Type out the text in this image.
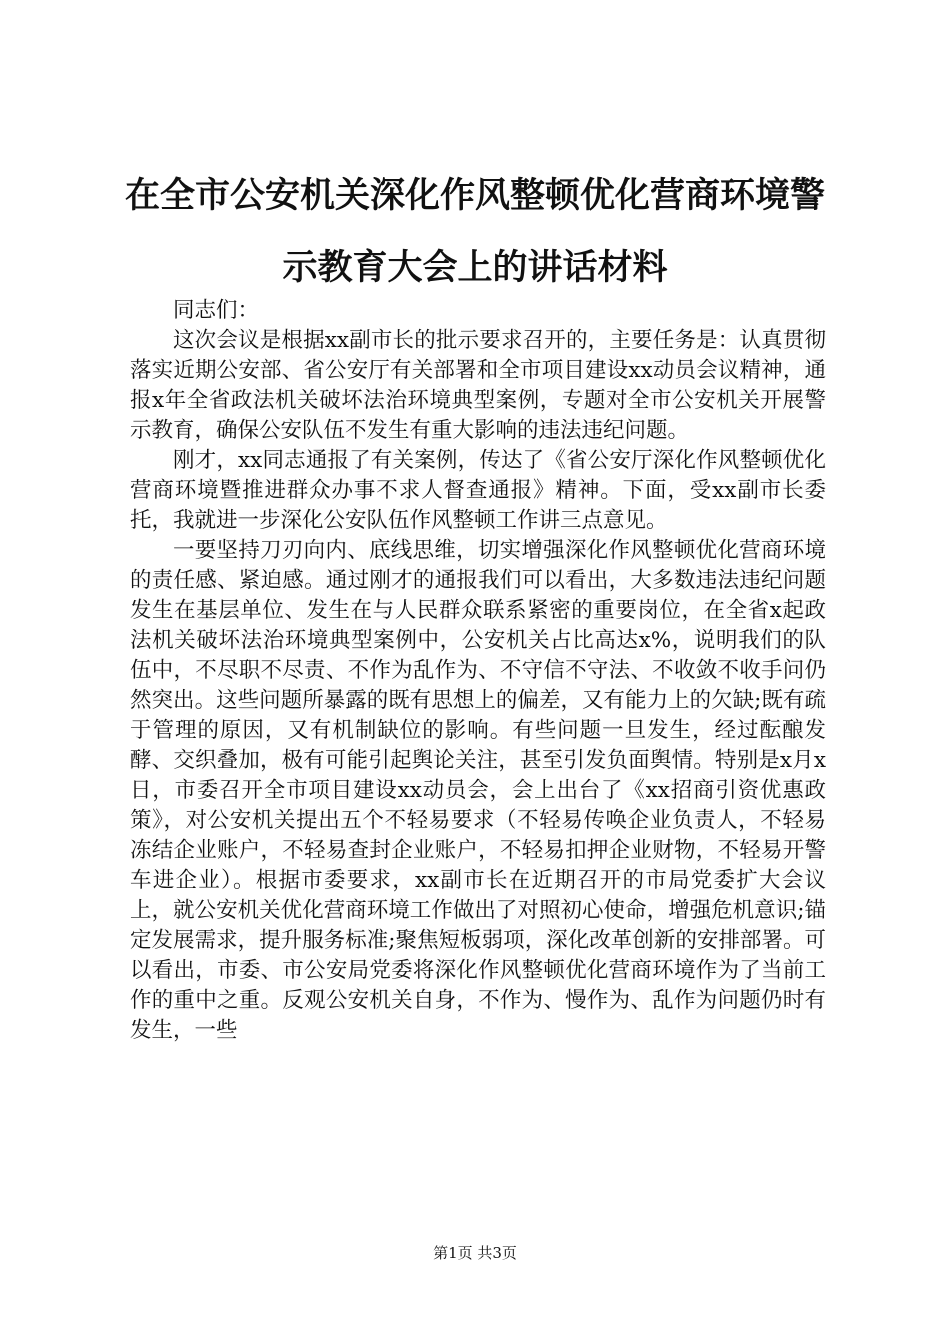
在全市公安机关深化作风整顿优化营商环境警示教育大会上的讲话材料

同志们：

这次会议是根据xx副市长的批示要求召开的，主要任务是：认真贯彻落实近期公安部、省公安厅有关部署和全市项目建设xx动员会议精神，通报x年全省政法机关破坏法治环境典型案例，专题对全市公安机关开展警示教育，确保公安队伍不发生有重大影响的违法违纪问题。

刚才，xx同志通报了有关案例，传达了《省公安厅深化作风整顿优化营商环境暨推进群众办事不求人督查通报》精神。下面，受xx副市长委托，我就进一步深化公安队伍作风整顿工作讲三点意见。

一要坚持刀刃向内、底线思维，切实增强深化作风整顿优化营商环境的责任感、紧迫感。通过刚才的通报我们可以看出，大多数违法违纪问题发生在基层单位、发生在与人民群众联系紧密的重要岗位，在全省x起政法机关破坏法治环境典型案例中，公安机关占比高达x%，说明我们的队伍中，不尽职不尽责、不作为乱作为、不守信不守法、不收敛不收手问仍然突出。这些问题所暴露的既有思想上的偏差，又有能力上的欠缺;既有疏于管理的原因，又有机制缺位的影响。有些问题一旦发生，经过酝酿发酵、交织叠加，极有可能引起舆论关注，甚至引发负面舆情。特别是x月x日，市委召开全市项目建设xx动员会，会上出台了《xx招商引资优惠政策》，对公安机关提出五个不轻易要求（不轻易传唤企业负责人，不轻易冻结企业账户，不轻易查封企业账户，不轻易扣押企业财物，不轻易开警车进企业）。根据市委要求，xx副市长在近期召开的市局党委扩大会议上，就公安机关优化营商环境工作做出了对照初心使命，增强危机意识;锚定发展需求，提升服务标准;聚焦短板弱项，深化改革创新的安排部署。可以看出，市委、市公安局党委将深化作风整顿优化营商环境作为了当前工作的重中之重。反观公安机关自身，不作为、慢作为、乱作为问题仍时有发生，一些

第1页 共3页
